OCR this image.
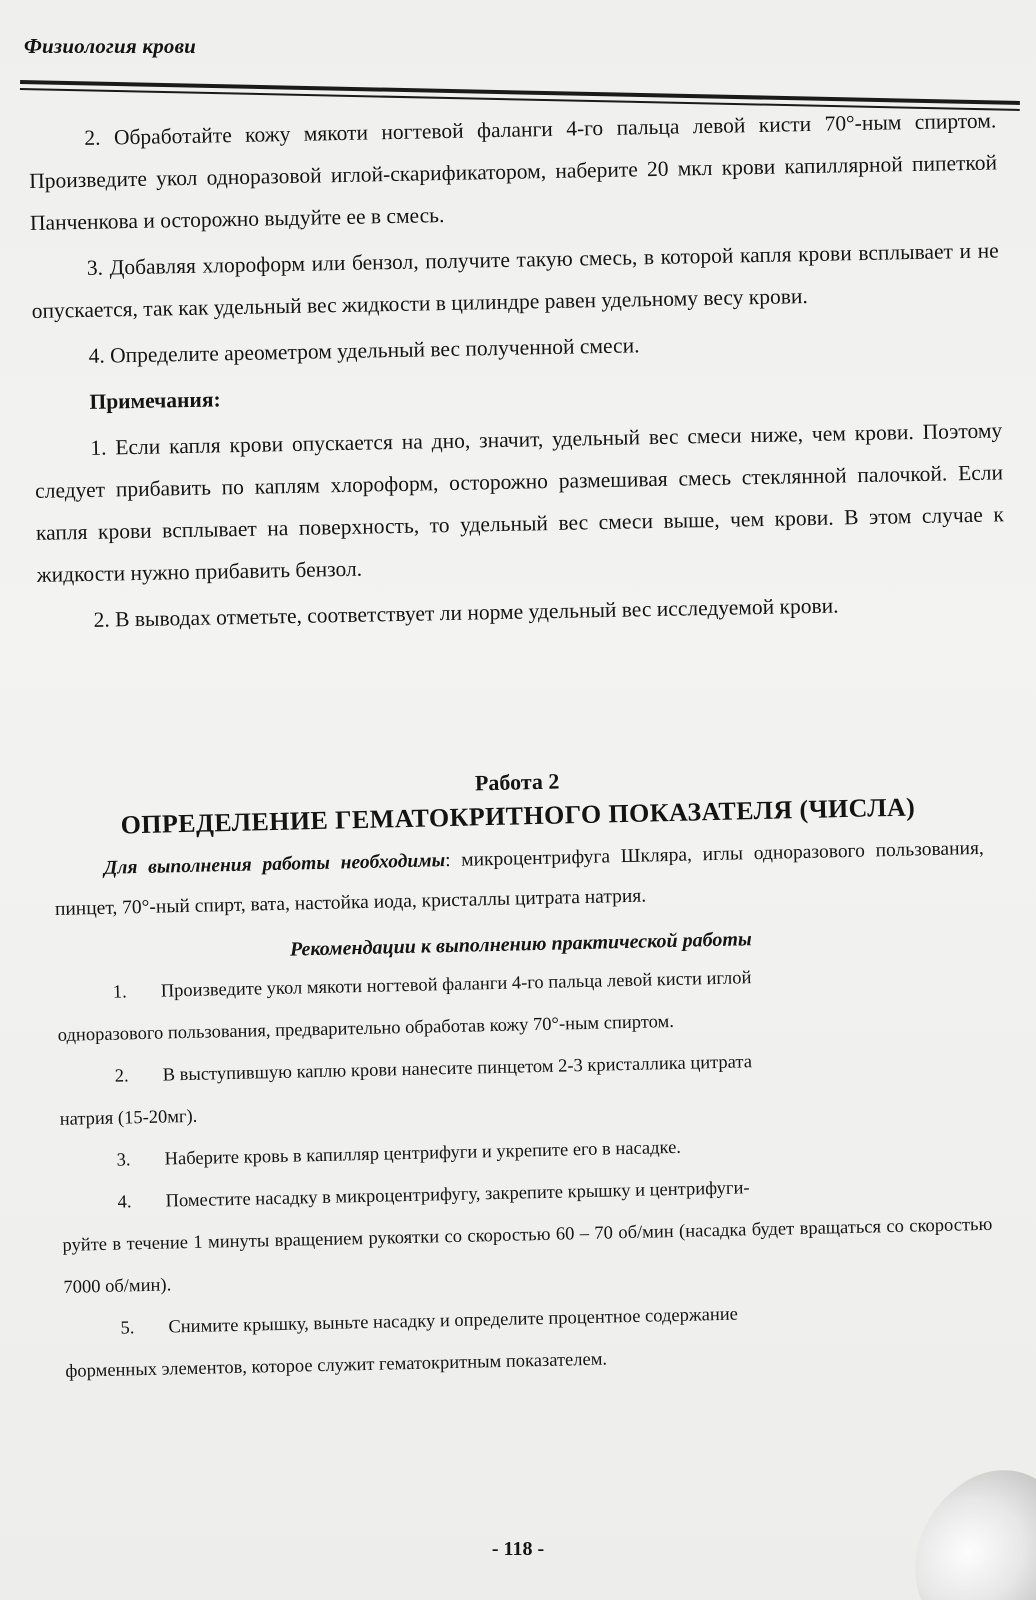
Физиология крови

2. Обработайте кожу мякоти ногтевой фаланги 4-го пальца левой кисти 70°-ным спиртом. Произведите укол одноразовой иглой-скарификатором, наберите 20 мкл крови капиллярной пипеткой Панченкова и осторожно выдуйте ее в смесь.

3. Добавляя хлороформ или бензол, получите такую смесь, в которой капля крови всплывает и не опускается, так как удельный вес жидкости в цилиндре равен удельному весу крови.

4. Определите ареометром удельный вес полученной смеси.

Примечания:

1. Если капля крови опускается на дно, значит, удельный вес смеси ниже, чем крови. Поэтому следует прибавить по каплям хлороформ, осторожно размешивая смесь стеклянной палочкой. Если капля крови всплывает на поверхность, то удельный вес смеси выше, чем крови. В этом случае к жидкости нужно прибавить бензол.

2. В выводах отметьте, соответствует ли норме удельный вес исследуемой крови.

Работа 2
ОПРЕДЕЛЕНИЕ ГЕМАТОКРИТНОГО ПОКАЗАТЕЛЯ (ЧИСЛА)

Для выполнения работы необходимы: микроцентрифуга Шкляра, иглы одноразового пользования, пинцет, 70°-ный спирт, вата, настойка иода, кристаллы цитрата натрия.

Рекомендации к выполнению практической работы
1. Произведите укол мякоти ногтевой фаланги 4-го пальца левой кисти иглой
одноразового пользования, предварительно обработав кожу 70°-ным спиртом.
2. В выступившую каплю крови нанесите пинцетом 2-3 кристаллика цитрата
натрия (15-20мг).
3. Наберите кровь в капилляр центрифуги и укрепите его в насадке.
4. Поместите насадку в микроцентрифугу, закрепите крышку и центрифуги-
руйте в течение 1 минуты вращением рукоятки со скоростью 60 – 70 об/мин (насадка будет вращаться со скоростью 7000 об/мин).
5. Снимите крышку, выньте насадку и определите процентное содержание
форменных элементов, которое служит гематокритным показателем.
- 118 -
